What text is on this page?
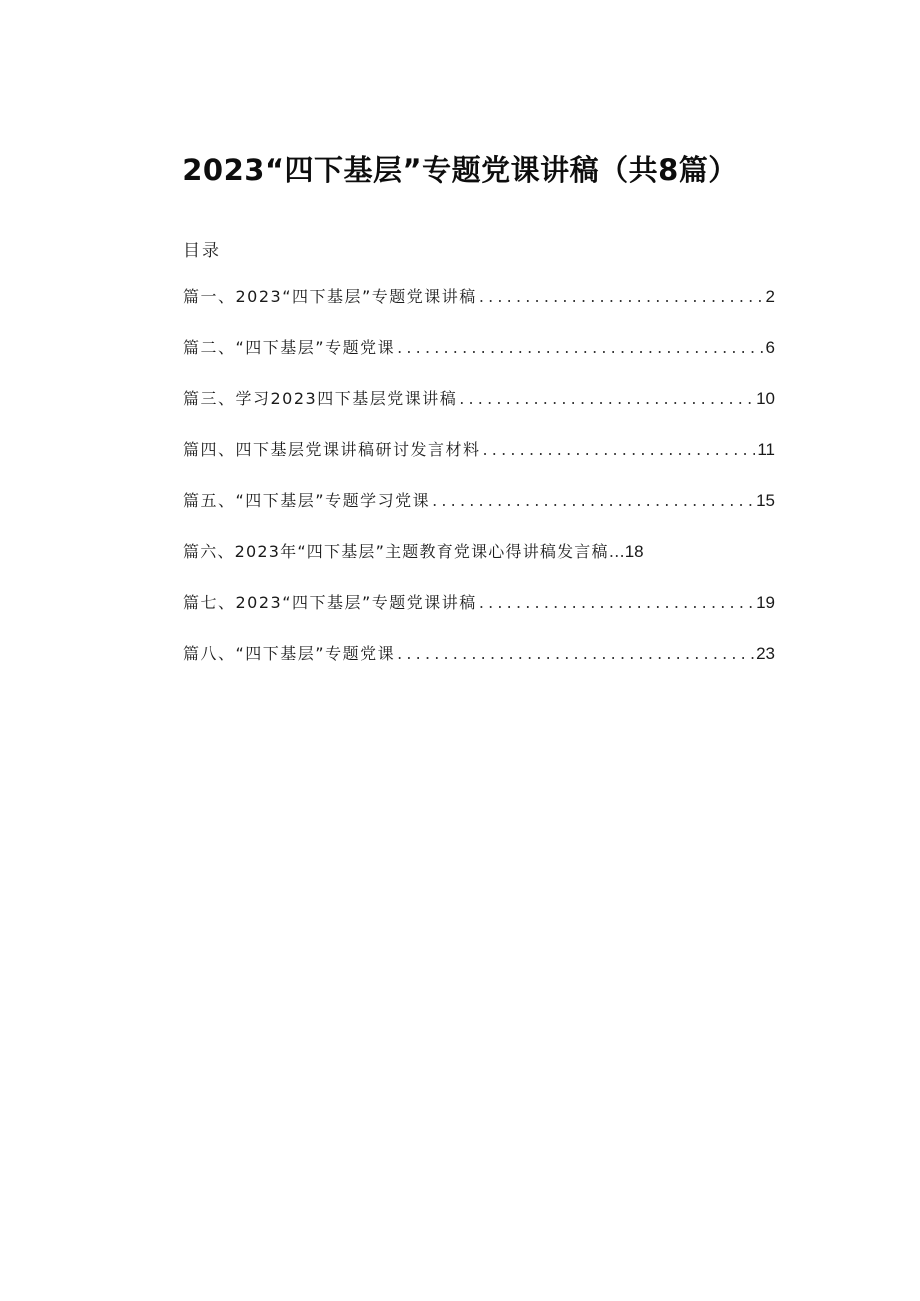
2023“四下基层”专题党课讲稿（共8篇）
目录
篇一、2023“四下基层”专题党课讲稿 .....	2
篇二、“四下基层”专题党课 .....	6
篇三、学习2023四下基层党课讲稿 .....	10
篇四、四下基层党课讲稿研讨发言材料 .....	11
篇五、“四下基层”专题学习党课 .....	15
篇六、2023年“四下基层”主题教育党课心得讲稿发言稿 … 18
篇七、2023“四下基层”专题党课讲稿 .....	19
篇八、“四下基层”专题党课 .....	23
